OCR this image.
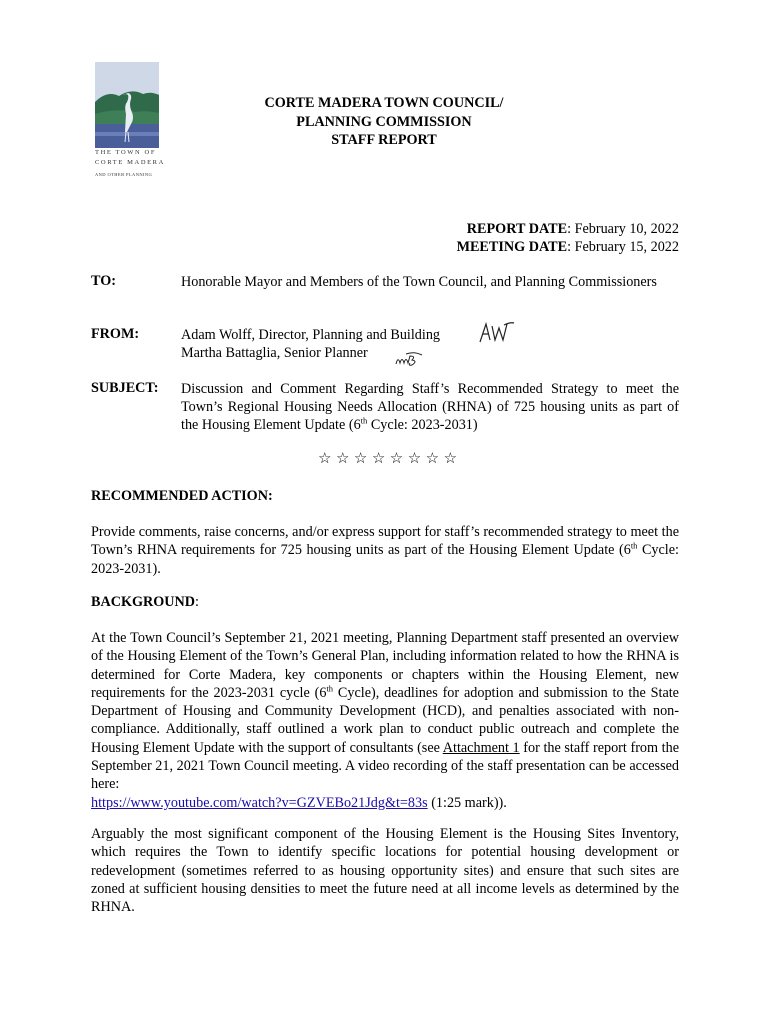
THE TOWN OF
CORTE MADERA
AND OTHER PLANNING
CORTE MADERA TOWN COUNCIL/
PLANNING COMMISSION
STAFF REPORT
REPORT DATE: February 10, 2022
MEETING DATE: February 15, 2022
TO:	Honorable Mayor and Members of the Town Council, and Planning Commissioners
FROM:	Adam Wolff, Director, Planning and Building
Martha Battaglia, Senior Planner
SUBJECT: Discussion and Comment Regarding Staff’s Recommended Strategy to meet the Town’s Regional Housing Needs Allocation (RHNA) of 725 housing units as part of the Housing Element Update (6th Cycle: 2023-2031)
☆☆☆☆☆☆☆☆
RECOMMENDED ACTION:
Provide comments, raise concerns, and/or express support for staff’s recommended strategy to meet the Town’s RHNA requirements for 725 housing units as part of the Housing Element Update (6th Cycle: 2023-2031).
BACKGROUND:
At the Town Council’s September 21, 2021 meeting, Planning Department staff presented an overview of the Housing Element of the Town’s General Plan, including information related to how the RHNA is determined for Corte Madera, key components or chapters within the Housing Element, new requirements for the 2023-2031 cycle (6th Cycle), deadlines for adoption and submission to the State Department of Housing and Community Development (HCD), and penalties associated with non-compliance. Additionally, staff outlined a work plan to conduct public outreach and complete the Housing Element Update with the support of consultants (see Attachment 1 for the staff report from the September 21, 2021 Town Council meeting. A video recording of the staff presentation can be accessed here:
https://www.youtube.com/watch?v=GZVEBo21Jdg&t=83s (1:25 mark)).
Arguably the most significant component of the Housing Element is the Housing Sites Inventory, which requires the Town to identify specific locations for potential housing development or redevelopment (sometimes referred to as housing opportunity sites) and ensure that such sites are zoned at sufficient housing densities to meet the future need at all income levels as determined by the RHNA.
